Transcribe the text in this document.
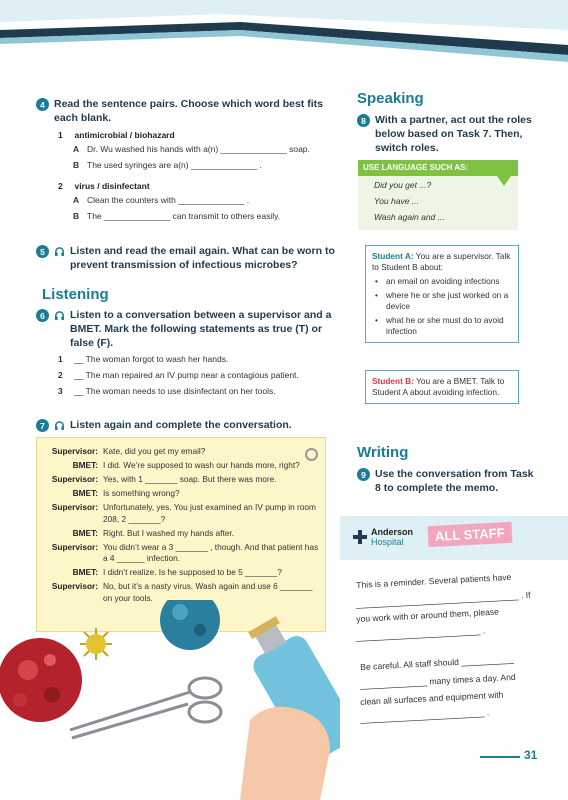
4 Read the sentence pairs. Choose which word best fits each blank.
1 antimicrobial / biohazard
A Dr. Wu washed his hands with a(n) ______________ soap.
B The used syringes are a(n) ______________ .
2 virus / disinfectant
A Clean the counters with ______________ .
B The ______________ can transmit to others easily.
5	Listen and read the email again. What can be worn to prevent transmission of infectious microbes?
Listening
6	Listen to a conversation between a supervisor and a BMET. Mark the following statements as true (T) or false (F).
1	__ The woman forgot to wash her hands.
2	__ The man repaired an IV pump near a contagious patient.
3	__ The woman needs to use disinfectant on her tools.
7	Listen again and complete the conversation.
Supervisor: Kate, did you get my email?
BMET: I did. We’re supposed to wash our hands more, right?
Supervisor: Yes, with 1 _______ soap. But there was more.
BMET: Is something wrong?
Supervisor: Unfortunately, yes. You just examined an IV pump in room 208, 2 _______?
BMET: Right. But I washed my hands after.
Supervisor: You didn’t wear a 3 _______ , though. And that patient has a 4 ______ infection.
BMET: I didn’t realize. Is he supposed to be 5 _______?
Supervisor: No, but it’s a nasty virus. Wash again and use 6 _______ on your tools.
Speaking
8 With a partner, act out the roles below based on Task 7. Then, switch roles.
USE LANGUAGE SUCH AS:
Did you get ...?
You have ...
Wash again and ...
Student A: You are a supervisor. Talk to Student B about:
• an email on avoiding infections
• where he or she just worked on a device
• what he or she must do to avoid infection
Student B: You are a BMET. Talk to Student A about avoiding infection.
Writing
9 Use the conversation from Task 8 to complete the memo.
Anderson
Hospital	ALL STAFF
This is a reminder. Several patients have
__________________________________ . If
you work with or around them, please
__________________________ .
Be careful. All staff should ___________
______________ many times a day. And
clean all surfaces and equipment with
__________________________ .
31
